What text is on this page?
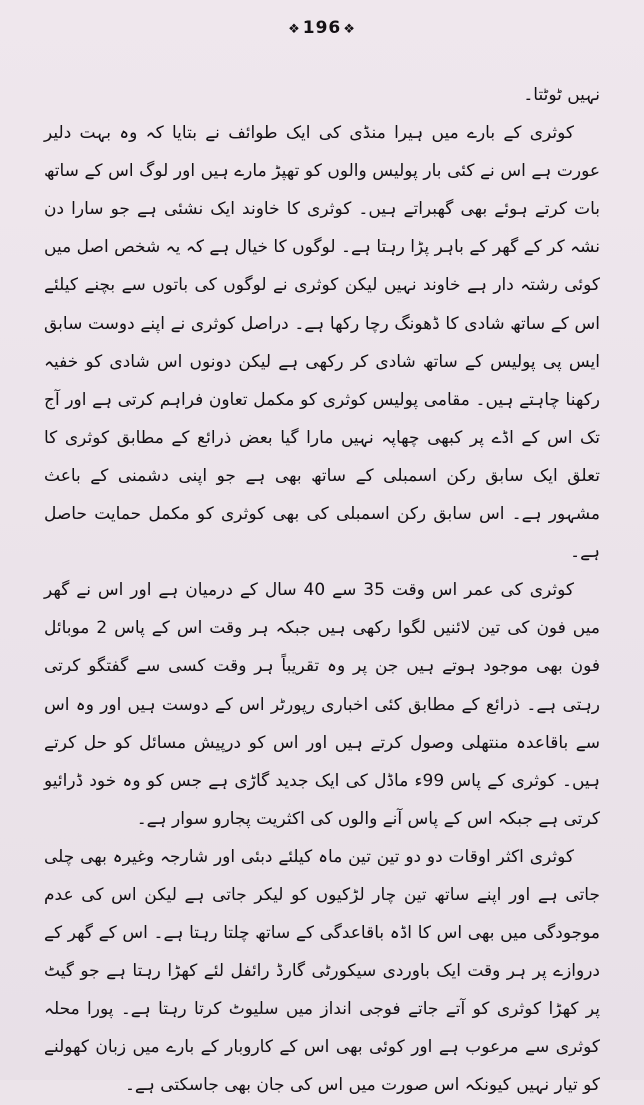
❖ 196 ❖

نہیں ٹوٹتا۔

کوثری کے بارے میں ہیرا منڈی کی ایک طوائف نے بتایا کہ وہ بہت دلیر عورت ہے اس نے کئی بار پولیس والوں کو تھپڑ مارے ہیں اور لوگ اس کے ساتھ بات کرتے ہوئے بھی گھبراتے ہیں۔ کوثری کا خاوند ایک نشئی ہے جو سارا دن نشہ کر کے گھر کے باہر پڑا رہتا ہے۔ لوگوں کا خیال ہے کہ یہ شخص اصل میں کوئی رشتہ دار ہے خاوند نہیں لیکن کوثری نے لوگوں کی باتوں سے بچنے کیلئے اس کے ساتھ شادی کا ڈھونگ رچا رکھا ہے۔ دراصل کوثری نے اپنے دوست سابق ایس پی پولیس کے ساتھ شادی کر رکھی ہے لیکن دونوں اس شادی کو خفیہ رکھنا چاہتے ہیں۔ مقامی پولیس کوثری کو مکمل تعاون فراہم کرتی ہے اور آج تک اس کے اڈے پر کبھی چھاپہ نہیں مارا گیا بعض ذرائع کے مطابق کوثری کا تعلق ایک سابق رکن اسمبلی کے ساتھ بھی ہے جو اپنی دشمنی کے باعث مشہور ہے۔ اس سابق رکن اسمبلی کی بھی کوثری کو مکمل حمایت حاصل ہے۔

کوثری کی عمر اس وقت 35 سے 40 سال کے درمیان ہے اور اس نے گھر میں فون کی تین لائنیں لگوا رکھی ہیں جبکہ ہر وقت اس کے پاس 2 موبائل فون بھی موجود ہوتے ہیں جن پر وہ تقریباً ہر وقت کسی سے گفتگو کرتی رہتی ہے۔ ذرائع کے مطابق کئی اخباری رپورٹر اس کے دوست ہیں اور وہ اس سے باقاعدہ منتھلی وصول کرتے ہیں اور اس کو درپیش مسائل کو حل کرتے ہیں۔ کوثری کے پاس 99ء ماڈل کی ایک جدید گاڑی ہے جس کو وہ خود ڈرائیو کرتی ہے جبکہ اس کے پاس آنے والوں کی اکثریت پجارو سوار ہے۔

کوثری اکثر اوقات دو دو تین تین ماہ کیلئے دبئی اور شارجہ وغیرہ بھی چلی جاتی ہے اور اپنے ساتھ تین چار لڑکیوں کو لیکر جاتی ہے لیکن اس کی عدم موجودگی میں بھی اس کا اڈہ باقاعدگی کے ساتھ چلتا رہتا ہے۔ اس کے گھر کے دروازے پر ہر وقت ایک باوردی سیکورٹی گارڈ رائفل لئے کھڑا رہتا ہے جو گیٹ پر کھڑا کوثری کو آتے جاتے فوجی انداز میں سلیوٹ کرتا رہتا ہے۔ پورا محلہ کوثری سے مرعوب ہے اور کوئی بھی اس کے کاروبار کے بارے میں زبان کھولنے کو تیار نہیں کیونکہ اس صورت میں اس کی جان بھی جاسکتی ہے۔
